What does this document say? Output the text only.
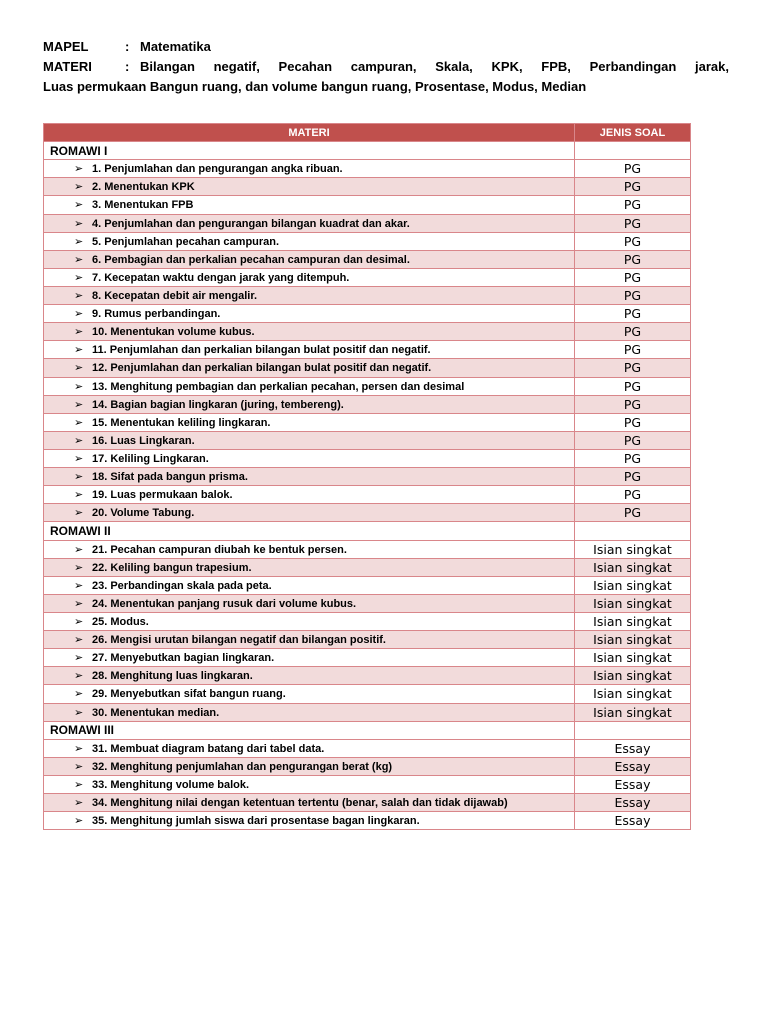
MAPEL	: Matematika
MATERI	: Bilangan negatif, Pecahan campuran, Skala, KPK, FPB, Perbandingan jarak,
Luas permukaan Bangun ruang, dan volume bangun ruang, Prosentase, Modus, Median
MATERI	JENIS SOAL
ROMAWI I	
➢ 1. Penjumlahan dan pengurangan angka ribuan.	PG
➢ 2. Menentukan KPK	PG
➢ 3. Menentukan FPB	PG
➢ 4. Penjumlahan dan pengurangan bilangan kuadrat dan akar.	PG
➢ 5. Penjumlahan pecahan campuran.	PG
➢ 6. Pembagian dan perkalian pecahan campuran dan desimal.	PG
➢ 7. Kecepatan waktu dengan jarak yang ditempuh.	PG
➢ 8. Kecepatan debit air mengalir.	PG
➢ 9. Rumus perbandingan.	PG
➢ 10. Menentukan volume kubus.	PG
➢ 11. Penjumlahan dan perkalian bilangan bulat positif dan negatif.	PG
➢ 12. Penjumlahan dan perkalian bilangan bulat positif dan negatif.	PG
➢ 13. Menghitung pembagian dan perkalian pecahan, persen dan desimal	PG
➢ 14. Bagian bagian lingkaran (juring, tembereng).	PG
➢ 15. Menentukan keliling lingkaran.	PG
➢ 16. Luas Lingkaran.	PG
➢ 17. Keliling Lingkaran.	PG
➢ 18. Sifat pada bangun prisma.	PG
➢ 19. Luas permukaan balok.	PG
➢ 20. Volume Tabung.	PG
ROMAWI II	
➢ 21. Pecahan campuran diubah ke bentuk persen.	Isian singkat
➢ 22. Keliling bangun trapesium.	Isian singkat
➢ 23. Perbandingan skala pada peta.	Isian singkat
➢ 24. Menentukan panjang rusuk dari volume kubus.	Isian singkat
➢ 25. Modus.	Isian singkat
➢ 26. Mengisi urutan bilangan negatif dan bilangan positif.	Isian singkat
➢ 27. Menyebutkan bagian lingkaran.	Isian singkat
➢ 28. Menghitung luas lingkaran.	Isian singkat
➢ 29. Menyebutkan sifat bangun ruang.	Isian singkat
➢ 30. Menentukan median.	Isian singkat
ROMAWI III	
➢ 31. Membuat diagram batang dari tabel data.	Essay
➢ 32. Menghitung penjumlahan dan pengurangan berat (kg)	Essay
➢ 33. Menghitung volume balok.	Essay
➢ 34. Menghitung nilai dengan ketentuan tertentu (benar, salah dan tidak dijawab)	Essay
➢ 35. Menghitung jumlah siswa dari prosentase bagan lingkaran.	Essay
